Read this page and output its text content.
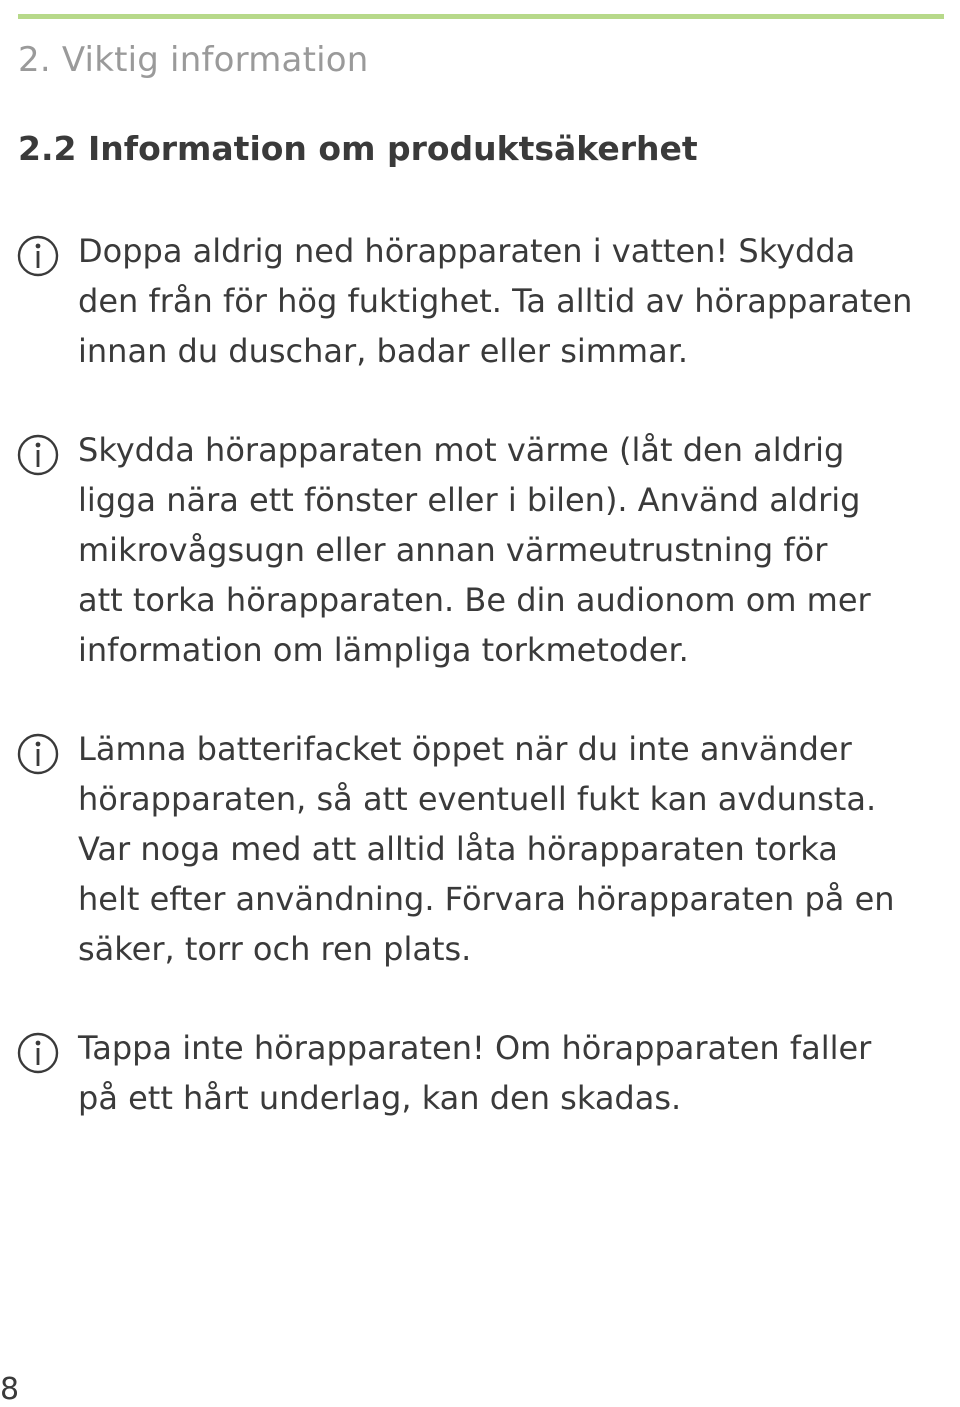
2. Viktig information
2.2 Information om produktsäkerhet

Doppa aldrig ned hörapparaten i vatten! Skydda
den från för hög fuktighet. Ta alltid av hörapparaten
innan du duschar, badar eller simmar.

Skydda hörapparaten mot värme (låt den aldrig
ligga nära ett fönster eller i bilen). Använd aldrig
mikrovågsugn eller annan värmeutrustning för
att torka hörapparaten. Be din audionom om mer
information om lämpliga torkmetoder.

Lämna batterifacket öppet när du inte använder
hörapparaten, så att eventuell fukt kan avdunsta.
Var noga med att alltid låta hörapparaten torka
helt efter användning. Förvara hörapparaten på en
säker, torr och ren plats.

Tappa inte hörapparaten! Om hörapparaten faller
på ett hårt underlag, kan den skadas.

8
